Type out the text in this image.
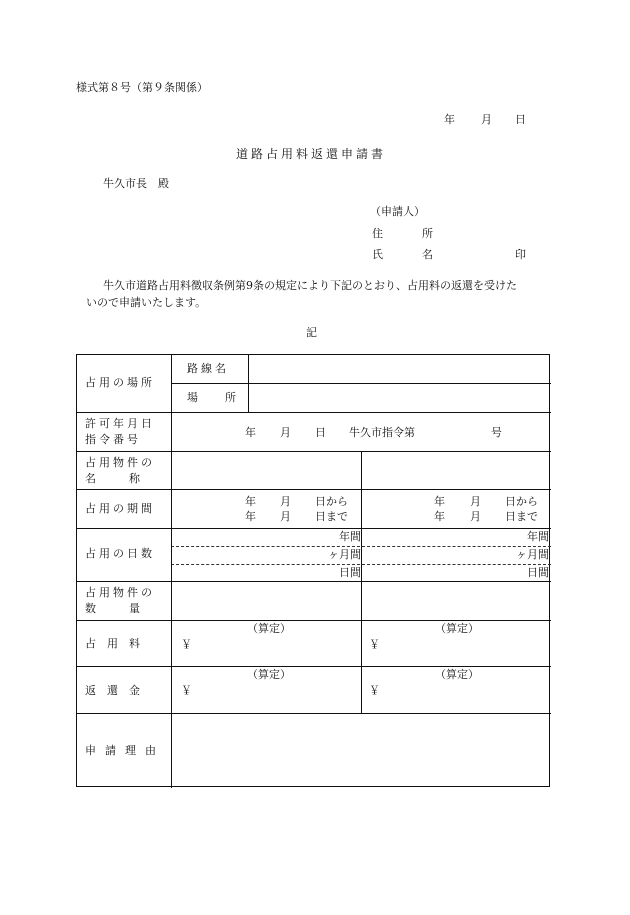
様式第８号（第９条関係）
年 月 日
道路占用料返還申請書
牛久市長　殿
（申請人）
住　所
氏　名	印
牛久市道路占用料徴収条例第9条の規定により下記のとおり、占用料の返還を受けた
いので申請いたします。
記
占用の場所
路線名
場　所
許可年月日
指令番号
年 月 日 牛久市指令第	号
占用物件の
名　　　称
占用の期間
年 月 日から
年 月 日まで
年 月 日から
年 月 日まで
占用の日数
年間
ヶ月間
日間
年間
ヶ月間
日間
占用物件の
数　　　量
占　用　料
（算定）
￥
（算定）
￥
返　還　金
（算定）
￥
（算定）
￥
申請理由
